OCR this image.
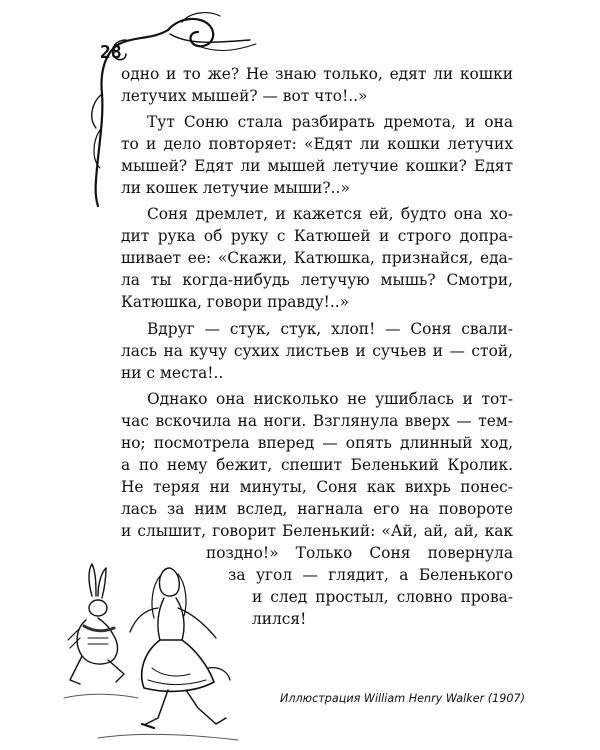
28
одно и то же? Не знаю только, едят ли кошки
летучих мышей? — вот что!..»
Тут Соню стала разбирать дремота, и она
то и дело повторяет: «Едят ли кошки летучих
мышей? Едят ли мышей летучие кошки? Едят
ли кошек летучие мыши?..»
Соня дремлет, и кажется ей, будто она хо-
дит рука об руку с Катюшей и строго допра-
шивает ее: «Скажи, Катюшка, признайся, еда-
ла ты когда-нибудь летучую мышь? Смотри,
Катюшка, говори правду!..»
Вдруг — стук, стук, хлоп! — Соня свали-
лась на кучу сухих листьев и сучьев и — стой,
ни с места!..
Однако она нисколько не ушиблась и тот-
час вскочила на ноги. Взглянула вверх — тем-
но; посмотрела вперед — опять длинный ход,
а по нему бежит, спешит Беленький Кролик.
Не теряя ни минуты, Соня как вихрь понес-
лась за ним вслед, нагнала его на повороте
и слышит, говорит Беленький: «Ай, ай, ай, как
поздно!» Только Соня повернула
за угол — глядит, а Беленького
и след простыл, словно прова-
лился!
Иллюстрация William Henry Walker (1907)
